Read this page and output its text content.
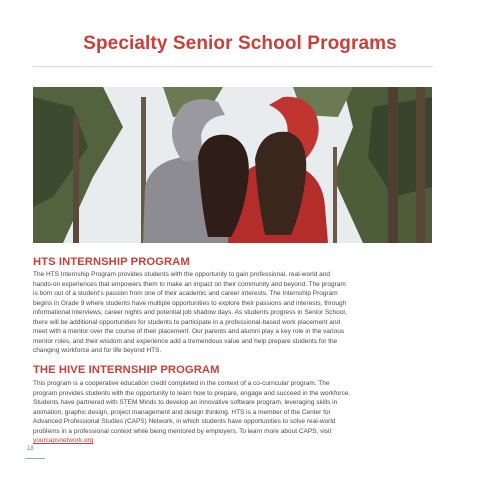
Specialty Senior School Programs
HTS INTERNSHIP PROGRAM
The HTS Internship Program provides students with the opportunity to gain professional, real-world and
hands-on experiences that empowers them to make an impact on their community and beyond. The program
is born out of a student’s passion from one of their academic and career interests. The Internship Program
begins in Grade 9 where students have multiple opportunities to explore their passions and interests, through
informational interviews, career nights and potential job shadow days. As students progress in Senior School,
there will be additional opportunities for students to participate in a professional-based work placement and
meet with a mentor over the course of their placement. Our parents and alumni play a key role in the various
mentor roles, and their wisdom and experience add a tremendous value and help prepare students for the
changing workforce and for life beyond HTS.
THE HIVE INTERNSHIP PROGRAM
This program is a cooperative education credit completed in the context of a co-curricular program. The
program provides students with the opportunity to learn how to prepare, engage and succeed in the workforce.
Students have partnered with STEM Minds to develop an innovative software program, leveraging skills in
animation, graphic design, project management and design thinking. HTS is a member of the Center for
Advanced Professional Studies (CAPS) Network, in which students have opportunities to solve real-world
problems in a professional context while being mentored by employers. To learn more about CAPS, visit
yourcapsnetwork.org
18
